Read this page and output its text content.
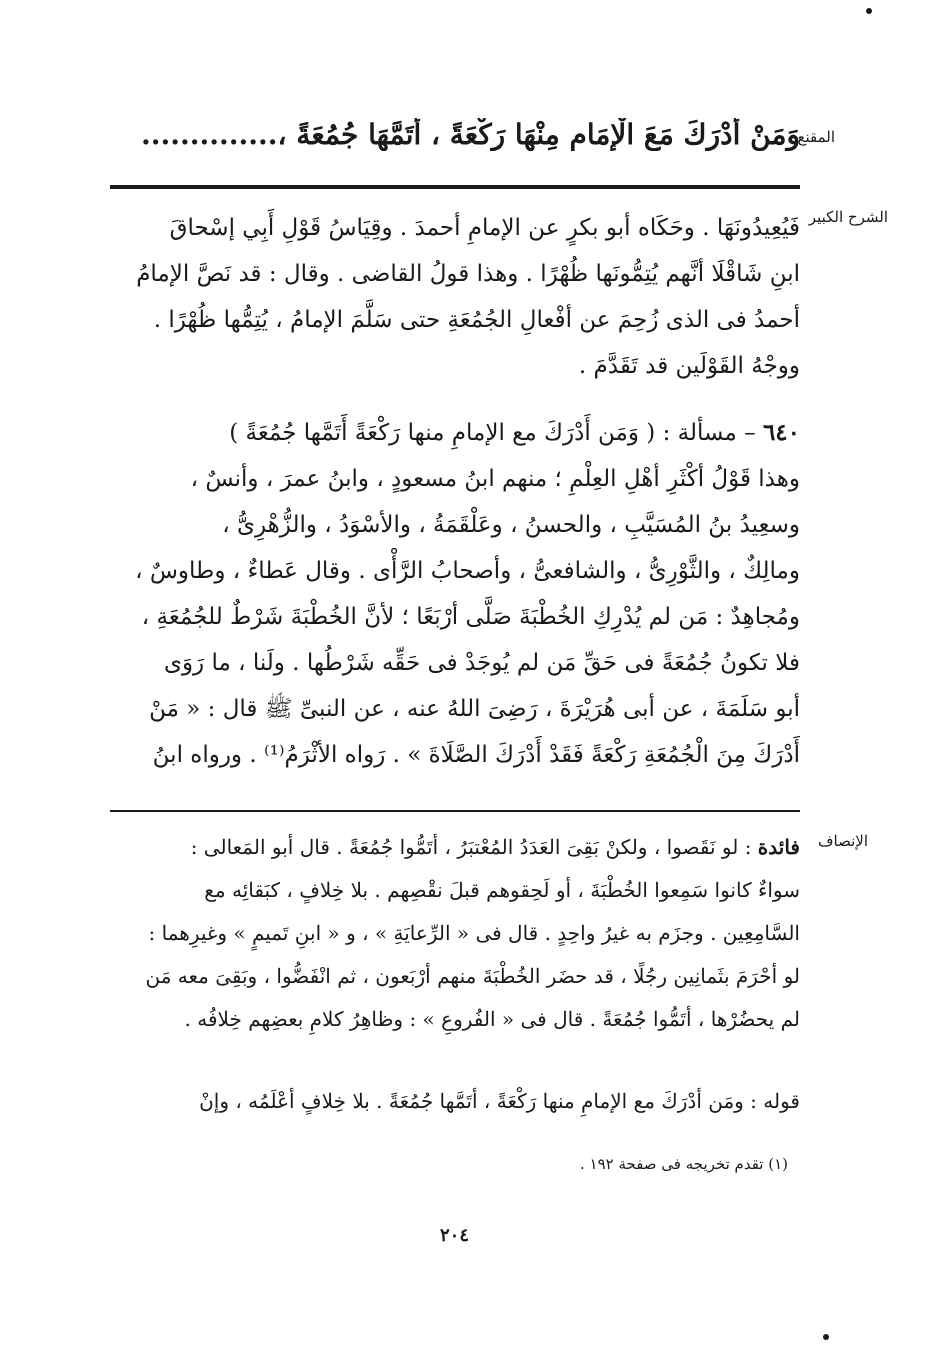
المقنع
وَمَنْ أَدْرَكَ مَعَ الْإِمَامِ مِنْهَا رَكْعَةً ، أَتَمَّهَا جُمُعَةً ،..............
الشرح الكبير
فَيُعِيدُونَهَا . وحَكَاه أبو بكرٍ عن الإمامِ أحمدَ . وقِيَاسُ قَوْلِ أَبِي إسْحاقَ
ابنِ شَاقْلَا أنَّهم يُتِمُّونَها ظُهْرًا . وهذا قولُ القاضى . وقال : قد نَصَّ الإمامُ
أحمدُ فى الذى زُحِمَ عن أفْعالِ الجُمُعَةِ حتى سَلَّمَ الإمامُ ، يُتِمُّها ظُهْرًا .
ووجْهُ القَوْلَين قد تَقَدَّمَ .
٦٤٠ – مسألة : ( وَمَن أَدْرَكَ مع الإمامِ منها رَكْعَةً أَتَمَّها جُمُعَةً )
وهذا قَوْلُ أكْثَرِ أهْلِ العِلْمِ ؛ منهم ابنُ مسعودٍ ، وابنُ عمرَ ، وأنسٌ ،
وسعِيدُ بنُ المُسَيَّبِ ، والحسنُ ، وعَلْقَمَةُ ، والأسْوَدُ ، والزُّهْرِىُّ ،
ومالِكٌ ، والثَّوْرِىُّ ، والشافعىُّ ، وأصحابُ الرَّأْى . وقال عَطاءٌ ، وطاوسٌ ،
ومُجاهِدٌ : مَن لم يُدْرِكِ الخُطْبَةَ صَلَّى أرْبَعًا ؛ لأنَّ الخُطْبَةَ شَرْطٌ للجُمُعَةِ ،
فلا تكونُ جُمُعَةً فى حَقِّ مَن لم يُوجَدْ فى حَقِّه شَرْطُها . ولَنا ، ما رَوَى
أبو سَلَمَةَ ، عن أبى هُرَيْرَةَ ، رَضِىَ اللهُ عنه ، عن النبىِّ ﷺ قال : « مَنْ
أَدْرَكَ مِنَ الْجُمُعَةِ رَكْعَةً فَقَدْ أَدْرَكَ الصَّلَاةَ » . رَواه الأثْرَمُ⁽¹⁾ . ورواه ابنُ
الإنصاف
فائدة : لو نَقَصوا ، ولكنْ بَقِىَ العَدَدُ المُعْتبَرُ ، أتَمُّوا جُمُعَةً . قال أبو المَعالى :
سواءٌ كانوا سَمِعوا الخُطْبَةَ ، أو لَحِقوهم قبلَ نقْصِهم . بلا خِلافٍ ، كبَقائِه مع
السَّامِعِين . وجزَم به غيرُ واحِدٍ . قال فى « الرِّعايَةِ » ، و « ابنِ تَميمٍ » وغيرِهما :
لو أحْرَمَ بثَمانِين رجُلًا ، قد حضَر الخُطْبَةَ منهم أرْبَعون ، ثم انْفَضُّوا ، وبَقِىَ معه مَن
لم يحضُرْها ، أتَمُّوا جُمُعَةً . قال فى « الفُروعِ » : وظاهِرُ كلامِ بعضِهم خِلافُه .
قوله : ومَن أدْرَكَ مع الإمامِ منها رَكْعَةً ، أتَمَّها جُمُعَةً . بلا خِلافٍ أعْلَمُه ، وإنْ
(١) تقدم تخريجه فى صفحة ١٩٢ .
٢٠٤
